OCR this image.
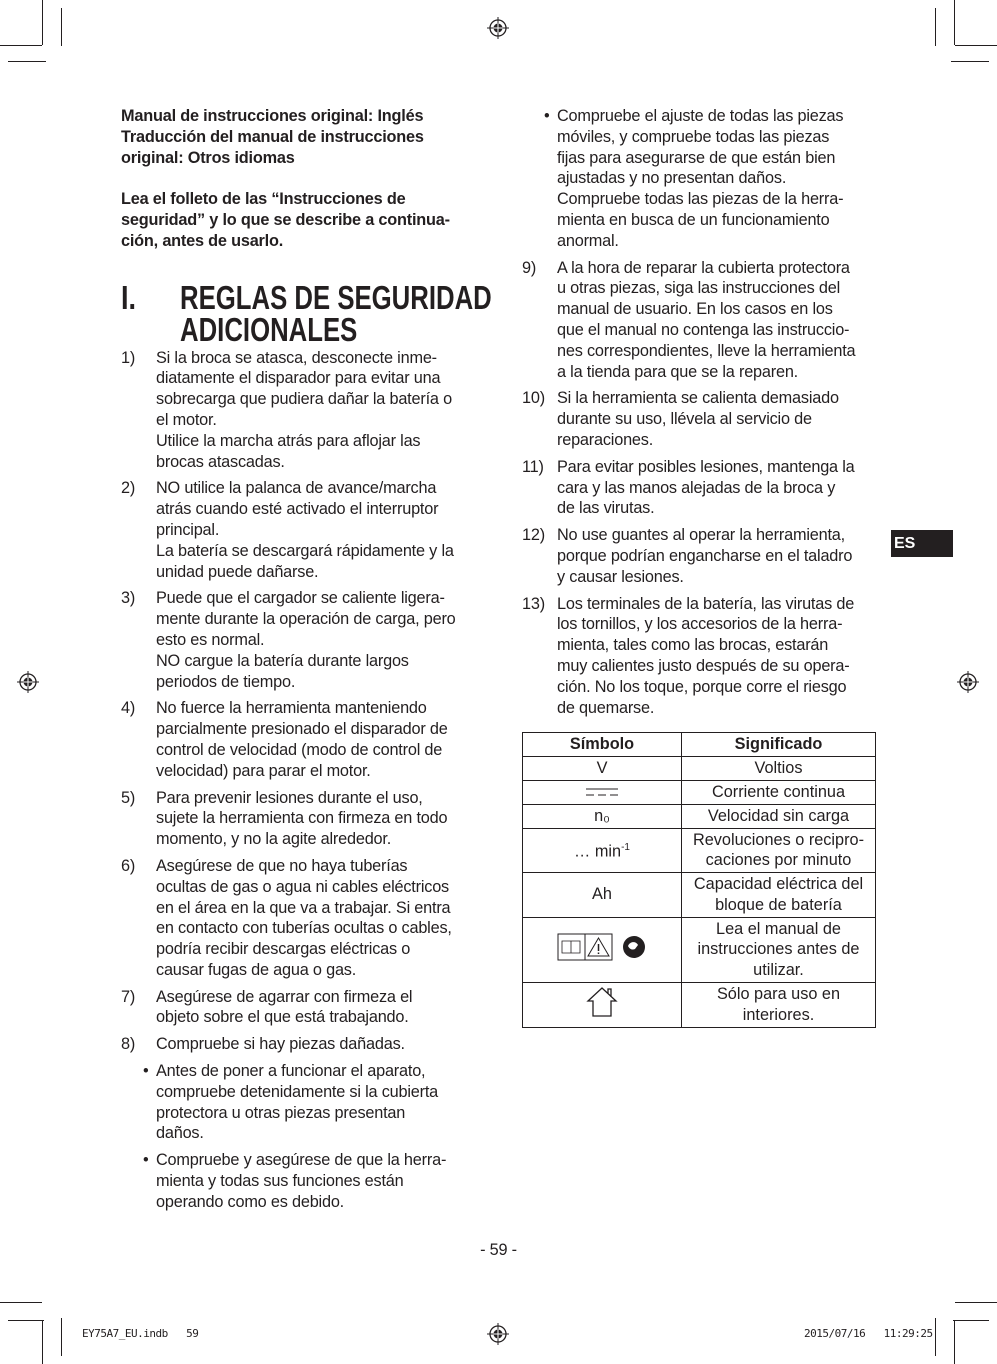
Manual de instrucciones original: Inglés
Traducción del manual de instrucciones
original: Otros idiomas
Lea el folleto de las “Instrucciones de
seguridad” y lo que se describe a continua-
ción, antes de usarlo.
I. REGLAS DE SEGURIDAD
ADICIONALES
1) Si la broca se atasca, desconecte inme-
diatamente el disparador para evitar una
sobrecarga que pudiera dañar la batería o
el motor.
Utilice la marcha atrás para aflojar las
brocas atascadas.
2) NO utilice la palanca de avance/marcha
atrás cuando esté activado el interruptor
principal.
La batería se descargará rápidamente y la
unidad puede dañarse.
3) Puede que el cargador se caliente ligera-
mente durante la operación de carga, pero
esto es normal.
NO cargue la batería durante largos
periodos de tiempo.
4) No fuerce la herramienta manteniendo
parcialmente presionado el disparador de
control de velocidad (modo de control de
velocidad) para parar el motor.
5) Para prevenir lesiones durante el uso,
sujete la herramienta con firmeza en todo
momento, y no la agite alrededor.
6) Asegúrese de que no haya tuberías
ocultas de gas o agua ni cables eléctricos
en el área en la que va a trabajar. Si entra
en contacto con tuberías ocultas o cables,
podría recibir descargas eléctricas o
causar fugas de agua o gas.
7) Asegúrese de agarrar con firmeza el
objeto sobre el que está trabajando.
8) Compruebe si hay piezas dañadas.
• Antes de poner a funcionar el aparato,
compruebe detenidamente si la cubierta
protectora u otras piezas presentan
daños.
• Compruebe y asegúrese de que la herra-
mienta y todas sus funciones están
operando como es debido.
• Compruebe el ajuste de todas las piezas
móviles, y compruebe todas las piezas
fijas para asegurarse de que están bien
ajustadas y no presentan daños.
Compruebe todas las piezas de la herra-
mienta en busca de un funcionamiento
anormal.
9) A la hora de reparar la cubierta protectora
u otras piezas, siga las instrucciones del
manual de usuario. En los casos en los
que el manual no contenga las instruccio-
nes correspondientes, lleve la herramienta
a la tienda para que se la reparen.
10) Si la herramienta se calienta demasiado
durante su uso, llévela al servicio de
reparaciones.
11) Para evitar posibles lesiones, mantenga la
cara y las manos alejadas de la broca y
de las virutas.
12) No use guantes al operar la herramienta,
porque podrían engancharse en el taladro
y causar lesiones.
13) Los terminales de la batería, las virutas de
los tornillos, y los accesorios de la herra-
mienta, tales como las brocas, estarán
muy calientes justo después de su opera-
ción. No los toque, porque corre el riesgo
de quemarse.
Símbolo	Significado
V	Voltios
	Corriente continua
n₀	Velocidad sin carga
… $\min^{-1}$	Revoluciones o recipro-
caciones por minuto
Ah	Capacidad eléctrica del
bloque de batería
	Lea el manual de
instrucciones antes de
utilizar.
	Sólo para uso en
interiores.
ES
- 59 -
EY75A7_EU.indb   59	2015/07/16   11:29:25
